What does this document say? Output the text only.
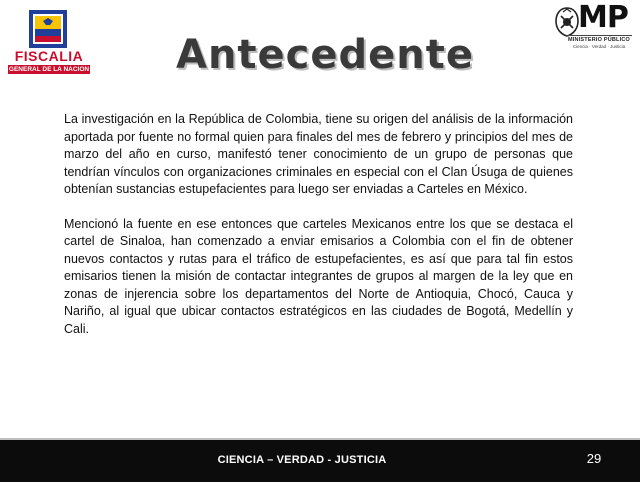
FISCALIA
GENERAL DE LA NACION	Antecedente
MP
MINISTERIO PÚBLICO
Ciencia · Verdad · Justicia

La investigación en la República de Colombia, tiene su origen del análisis de la información aportada por fuente no formal quien para finales del mes de febrero y principios del mes de marzo del año en curso, manifestó tener conocimiento de un grupo de personas que tendrían vínculos con organizaciones criminales en especial con el Clan Úsuga de quienes obtenían sustancias estupefacientes para luego ser enviadas a Carteles en México.

Mencionó la fuente en ese entonces que carteles Mexicanos entre los que se destaca el cartel de Sinaloa, han comenzado a enviar emisarios a Colombia con el fin de obtener nuevos contactos y rutas para el tráfico de estupefacientes, es así que para tal fin estos emisarios tienen la misión de contactar integrantes de grupos al margen de la ley que en zonas de injerencia sobre los departamentos del Norte de Antioquia, Chocó, Cauca y Nariño, al igual que ubicar contactos estratégicos en las ciudades de Bogotá, Medellín y Cali.

CIENCIA – VERDAD - JUSTICIA	29
